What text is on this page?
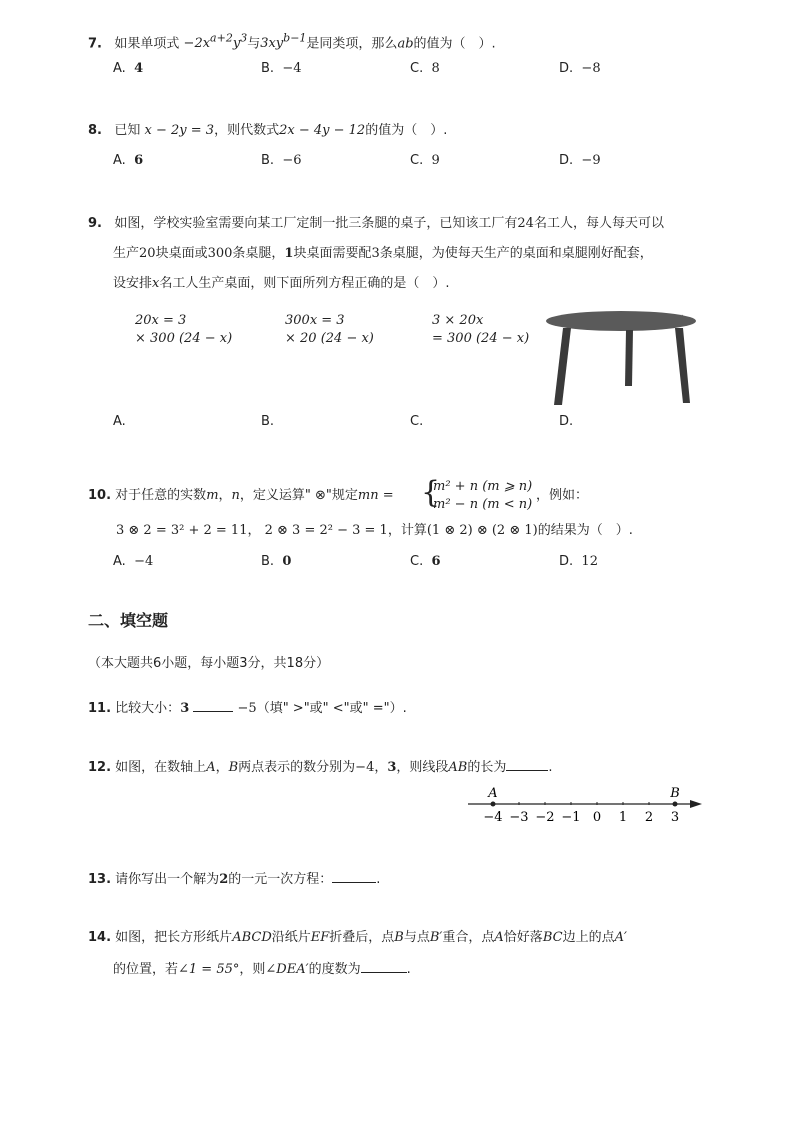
7. 如果单项式 $-2x^{a+2}y^3$与$3xy^{b-1}$是同类项，那么ab的值为（　）.
A. 4	B. −4	C. 8	D. −8
8. 已知 x − 2y = 3，则代数式2x − 4y − 12的值为（　）.
A. 6	B. −6	C. 9	D. −9
9. 如图，学校实验室需要向某工厂定制一批三条腿的桌子，已知该工厂有24名工人，每人每天可以
生产20块桌面或300条桌腿，1块桌面需要配3条桌腿，为使每天生产的桌面和桌腿刚好配套，
设安排x名工人生产桌面，则下面所列方程正确的是（　）.
20x = 3
× 300 (24 − x)
300x = 3
× 20 (24 − x)
3 × 20x
= 300 (24 − x)
A.	B.	C.	D.
10. 对于任意的实数m，n，定义运算" ⊗"规定mn = {
m² + n (m ⩾ n)
m² − n (m < n)
，例如：
3 ⊗ 2 = 3² + 2 = 11， 2 ⊗ 3 = 2² − 3 = 1，计算(1 ⊗ 2) ⊗ (2 ⊗ 1)的结果为（　）.
A. −4	B. 0	C. 6	D. 12
二、填空题
（本大题共6小题，每小题3分，共18分）
11. 比较大小：3	−5（填" >"或" <"或" ="）.
12. 如图，在数轴上A，B两点表示的数分别为−4，3，则线段AB的长为	.
−4 −3 −2 −1 0 1 2 3
A	B
13. 请你写出一个解为2的一元一次方程：	.
14. 如图，把长方形纸片ABCD沿纸片EF折叠后，点B与点B′重合，点A恰好落BC边上的点A′
的位置，若∠1 = 55°，则∠DEA′的度数为	.
